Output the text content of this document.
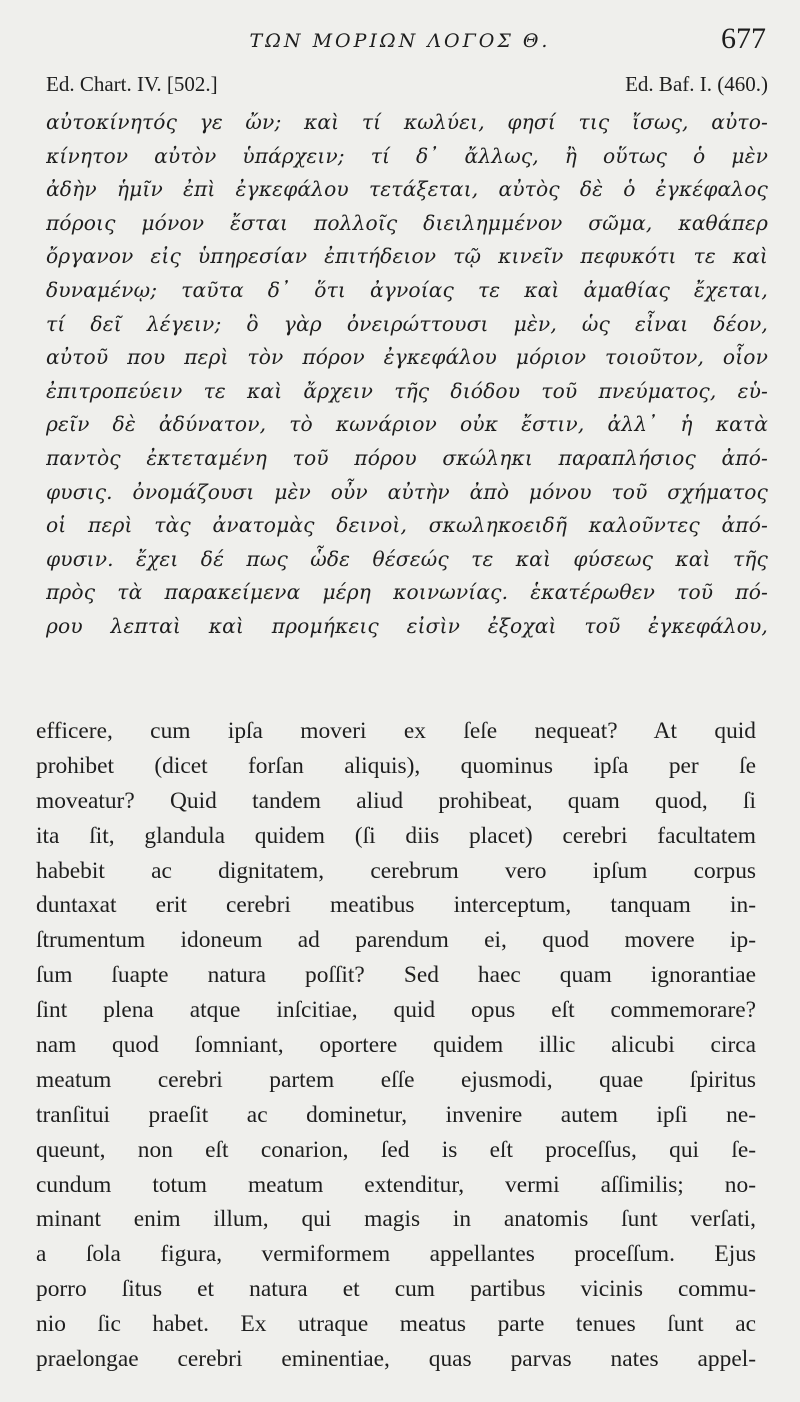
ΤΩΝ ΜΟΡΙΩΝ ΛΟΓΟΣ Θ.	677
Ed. Chart. IV. [502.]	Ed. Baf. I. (460.)
αὐτοκίνητός γε ὤν; καὶ τί κωλύει, φησί τις ἴσως, αὐτο-
κίνητον αὐτὸν ὑπάρχειν; τί δ᾽ ἄλλως, ἢ οὕτως ὁ μὲν
ἀδὴν ἡμῖν ἐπὶ ἐγκεφάλου τετάξεται, αὐτὸς δὲ ὁ ἐγκέφαλος
πόροις μόνον ἔσται πολλοῖς διειλημμένον σῶμα, καθάπερ
ὄργανον εἰς ὑπηρεσίαν ἐπιτήδειον τῷ κινεῖν πεφυκότι τε καὶ
δυναμένῳ; ταῦτα δ᾽ ὅτι ἀγνοίας τε καὶ ἀμαθίας ἔχεται,
τί δεῖ λέγειν; ὃ γὰρ ὀνειρώττουσι μὲν, ὡς εἶναι δέον,
αὐτοῦ που περὶ τὸν πόρον ἐγκεφάλου μόριον τοιοῦτον, οἷον
ἐπιτροπεύειν τε καὶ ἄρχειν τῆς διόδου τοῦ πνεύματος, εὑ-
ρεῖν δὲ ἀδύνατον, τὸ κωνάριον οὐκ ἔστιν, ἀλλ᾽ ἡ κατὰ
παντὸς ἐκτεταμένη τοῦ πόρου σκώληκι παραπλήσιος ἀπό-
φυσις. ὀνομάζουσι μὲν οὖν αὐτὴν ἀπὸ μόνου τοῦ σχήματος
οἱ περὶ τὰς ἀνατομὰς δεινοὶ, σκωληκοειδῆ καλοῦντες ἀπό-
φυσιν. ἔχει δέ πως ὧδε θέσεώς τε καὶ φύσεως καὶ τῆς
πρὸς τὰ παρακείμενα μέρη κοινωνίας. ἑκατέρωθεν τοῦ πό-
ρου λεπταὶ καὶ προμήκεις εἰσὶν ἐξοχαὶ τοῦ ἐγκεφάλου,
efficere, cum ipſa moveri ex ſeſe nequeat? At quid
prohibet (dicet forſan aliquis), quominus ipſa per ſe
moveatur? Quid tandem aliud prohibeat, quam quod, ſi
ita ſit, glandula quidem (ſi diis placet) cerebri facultatem
habebit ac dignitatem, cerebrum vero ipſum corpus
duntaxat erit cerebri meatibus interceptum, tanquam in-
ſtrumentum idoneum ad parendum ei, quod movere ip-
ſum ſuapte natura poſſit? Sed haec quam ignorantiae
ſint plena atque inſcitiae, quid opus eſt commemorare?
nam quod ſomniant, oportere quidem illic alicubi circa
meatum cerebri partem eſſe ejusmodi, quae ſpiritus
tranſitui praeſit ac dominetur, invenire autem ipſi ne-
queunt, non eſt conarion, ſed is eſt proceſſus, qui ſe-
cundum totum meatum extenditur, vermi aſſimilis; no-
minant enim illum, qui magis in anatomis ſunt verſati,
a ſola figura, vermiformem appellantes proceſſum. Ejus
porro ſitus et natura et cum partibus vicinis commu-
nio ſic habet. Ex utraque meatus parte tenues ſunt ac
praelongae cerebri eminentiae, quas parvas nates appel-
